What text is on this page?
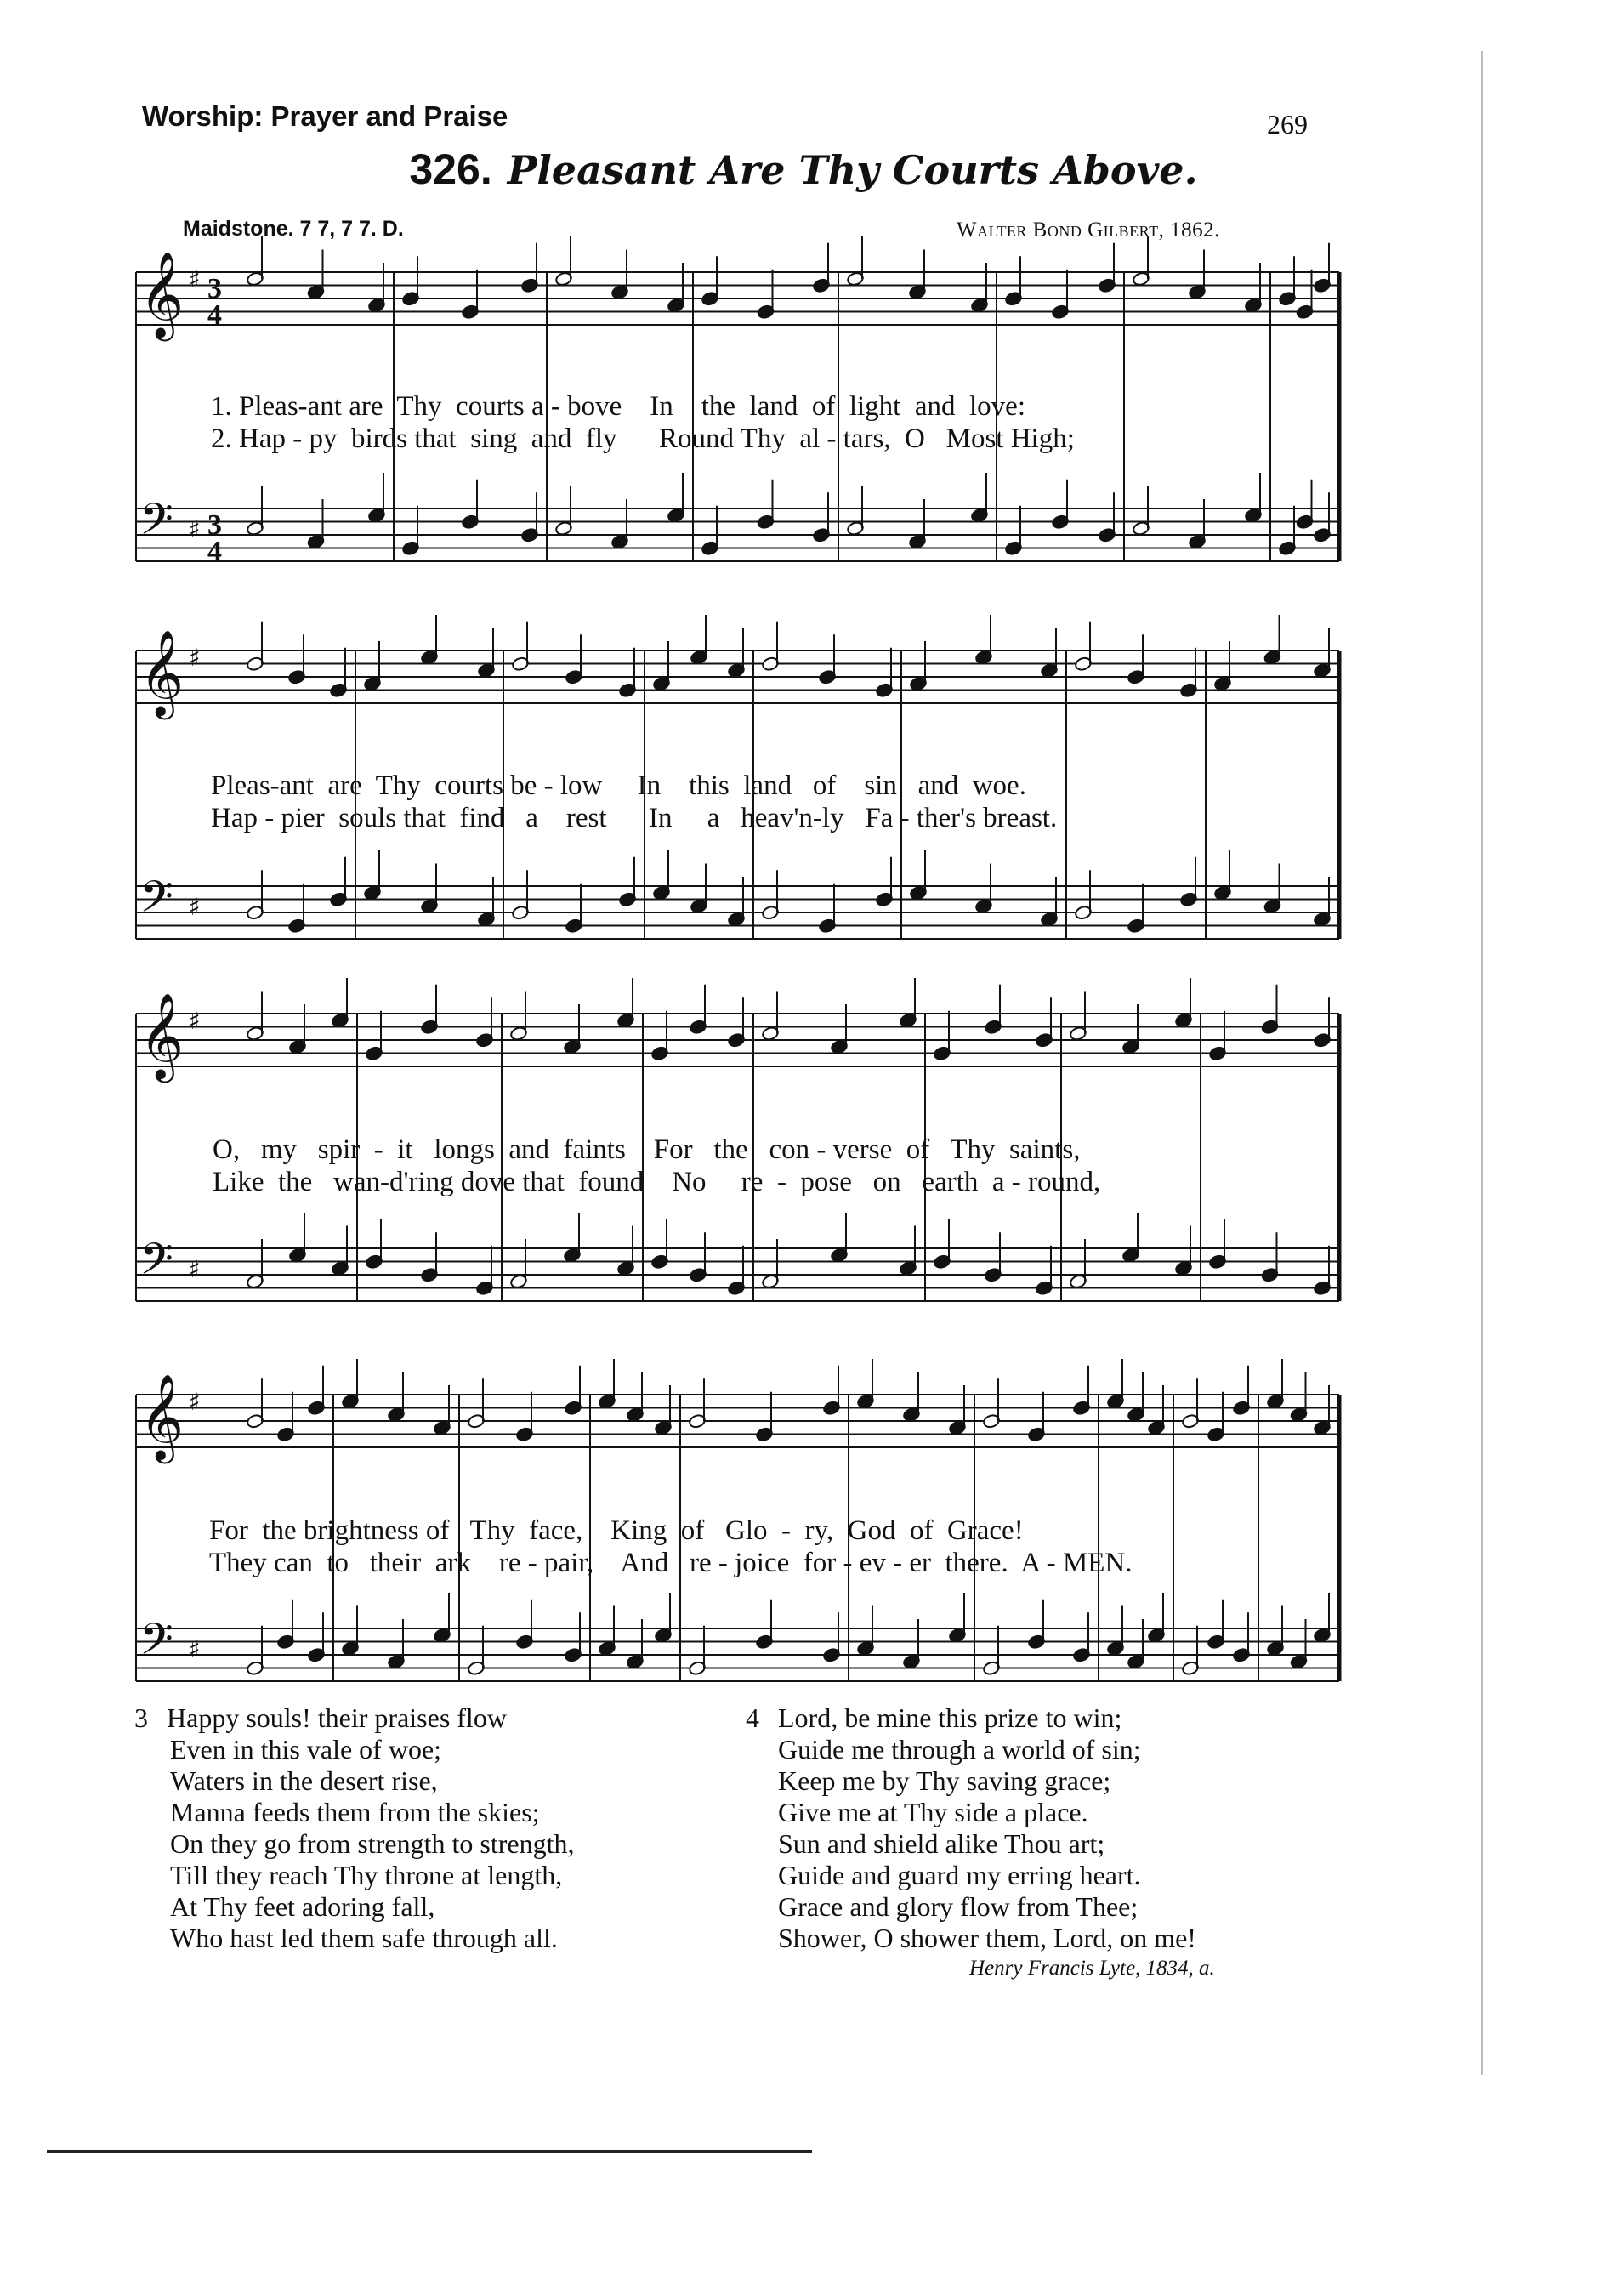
Worship: Prayer and Praise	269
326. Pleasant Are Thy Courts Above.
Maidstone. 7 7, 7 7. D.	Walter Bond Gilbert, 1862.
𝄞 ♯ 3
4
𝄢 ♯ 3
4
𝄞 ♯
𝄢 ♯
𝄞 ♯
𝄢 ♯
𝄞 ♯
𝄢 ♯
1. Pleas-ant are  Thy  courts a - bove    In    the  land  of  light  and  love:
2. Hap - py  birds that  sing  and  fly      Round Thy  al - tars,  O   Most High;
Pleas-ant  are  Thy  courts be - low     In    this  land   of    sin   and  woe.
Hap - pier  souls that  find   a    rest      In     a   heav'n-ly   Fa - ther's breast.
O,   my   spir  -  it   longs  and  faints    For   the   con - verse  of   Thy  saints,
Like  the   wan-d'ring dove that  found    No     re  -  pose   on   earth  a - round,
For  the brightness of   Thy  face,    King  of   Glo  -  ry,  God  of  Grace!
They can  to   their  ark    re - pair,    And   re - joice  for - ev - er  there.  A - MEN.
3 Happy souls! their praises flow
Even in this vale of woe;
Waters in the desert rise,
Manna feeds them from the skies;
On they go from strength to strength,
Till they reach Thy throne at length,
At Thy feet adoring fall,
Who hast led them safe through all.
4 Lord, be mine this prize to win;
Guide me through a world of sin;
Keep me by Thy saving grace;
Give me at Thy side a place.
Sun and shield alike Thou art;
Guide and guard my erring heart.
Grace and glory flow from Thee;
Shower, O shower them, Lord, on me!
Henry Francis Lyte, 1834, a.
